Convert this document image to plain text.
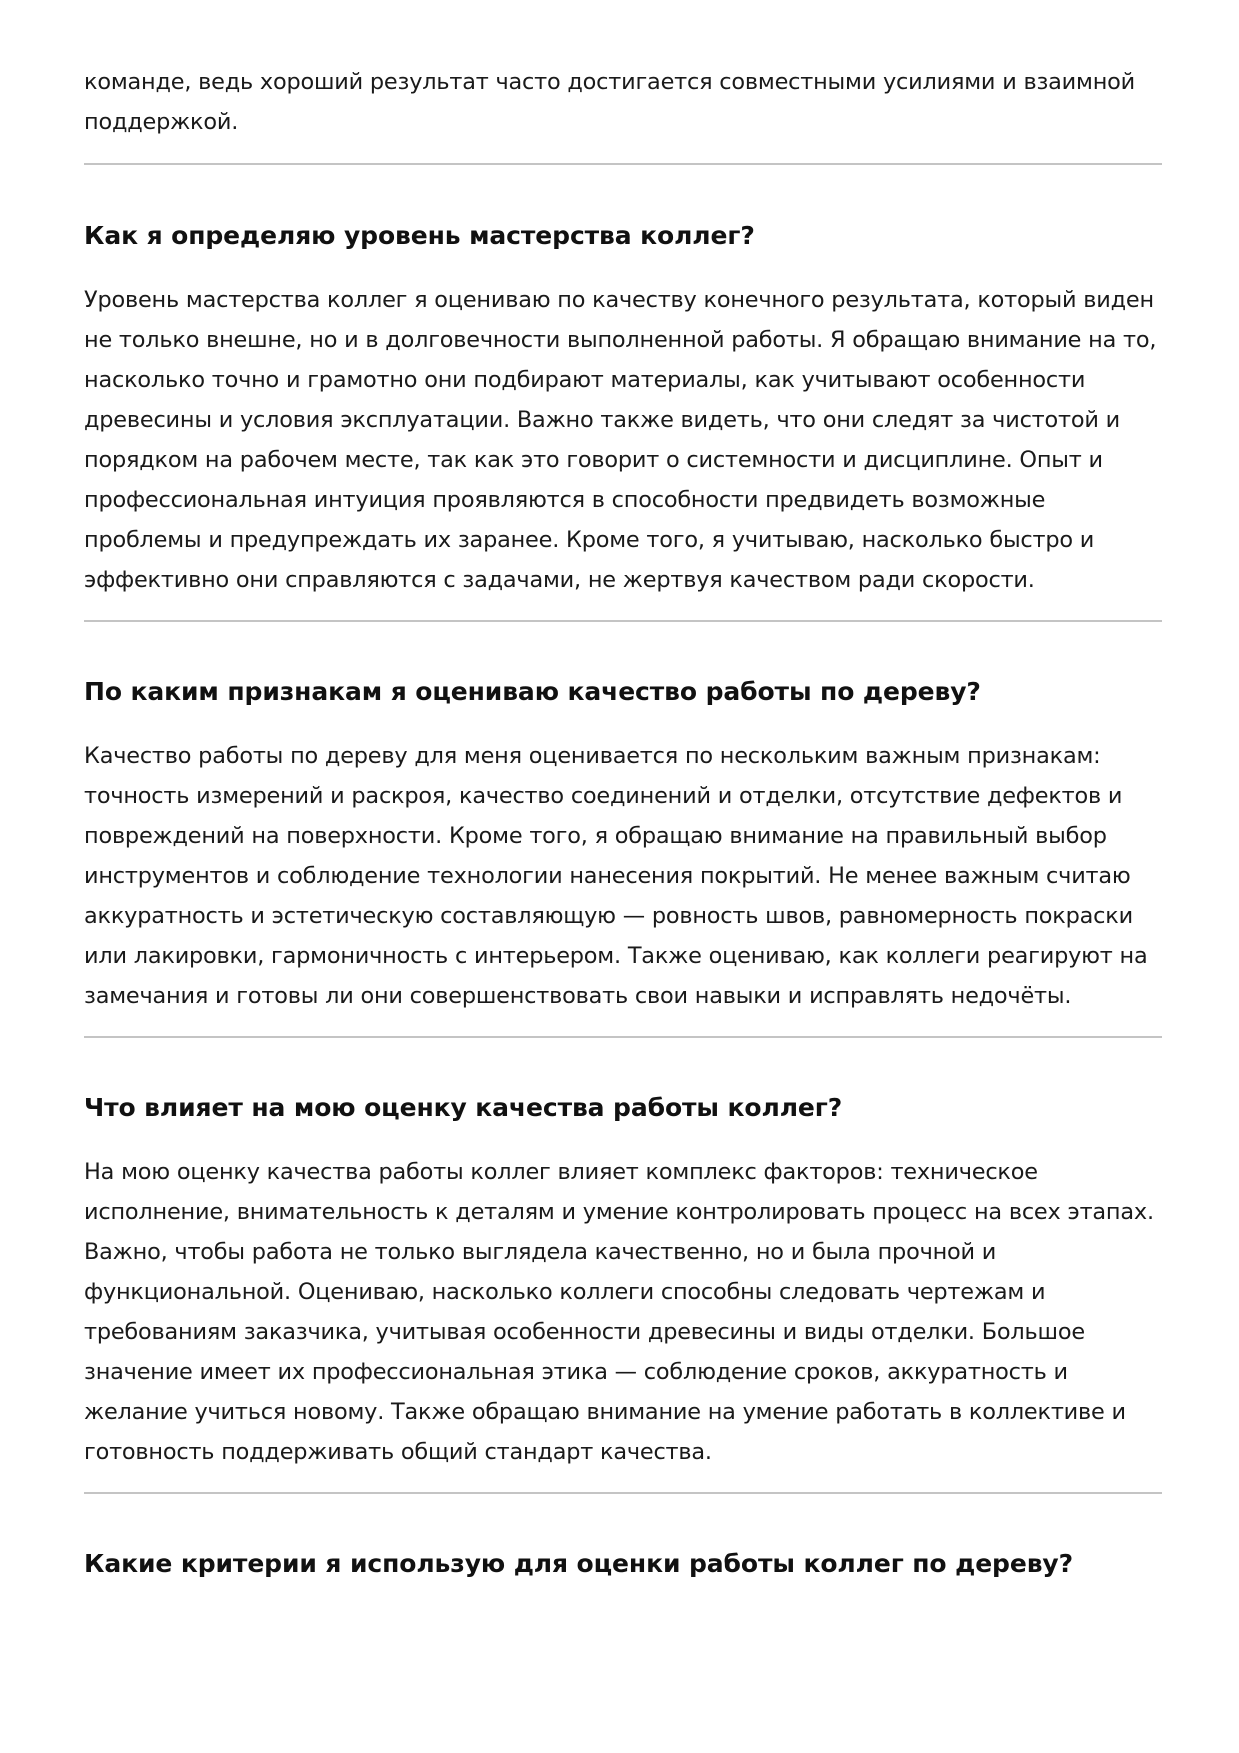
команде, ведь хороший результат часто достигается совместными усилиями и взаимной поддержкой.

Как я определяю уровень мастерства коллег?

Уровень мастерства коллег я оцениваю по качеству конечного результата, который виден не только внешне, но и в долговечности выполненной работы. Я обращаю внимание на то, насколько точно и грамотно они подбирают материалы, как учитывают особенности древесины и условия эксплуатации. Важно также видеть, что они следят за чистотой и порядком на рабочем месте, так как это говорит о системности и дисциплине. Опыт и профессиональная интуиция проявляются в способности предвидеть возможные проблемы и предупреждать их заранее. Кроме того, я учитываю, насколько быстро и эффективно они справляются с задачами, не жертвуя качеством ради скорости.

По каким признакам я оцениваю качество работы по дереву?

Качество работы по дереву для меня оценивается по нескольким важным признакам: точность измерений и раскроя, качество соединений и отделки, отсутствие дефектов и повреждений на поверхности. Кроме того, я обращаю внимание на правильный выбор инструментов и соблюдение технологии нанесения покрытий. Не менее важным считаю аккуратность и эстетическую составляющую — ровность швов, равномерность покраски или лакировки, гармоничность с интерьером. Также оцениваю, как коллеги реагируют на замечания и готовы ли они совершенствовать свои навыки и исправлять недочёты.

Что влияет на мою оценку качества работы коллег?

На мою оценку качества работы коллег влияет комплекс факторов: техническое исполнение, внимательность к деталям и умение контролировать процесс на всех этапах. Важно, чтобы работа не только выглядела качественно, но и была прочной и функциональной. Оцениваю, насколько коллеги способны следовать чертежам и требованиям заказчика, учитывая особенности древесины и виды отделки. Большое значение имеет их профессиональная этика — соблюдение сроков, аккуратность и желание учиться новому. Также обращаю внимание на умение работать в коллективе и готовность поддерживать общий стандарт качества.

Какие критерии я использую для оценки работы коллег по дереву?
